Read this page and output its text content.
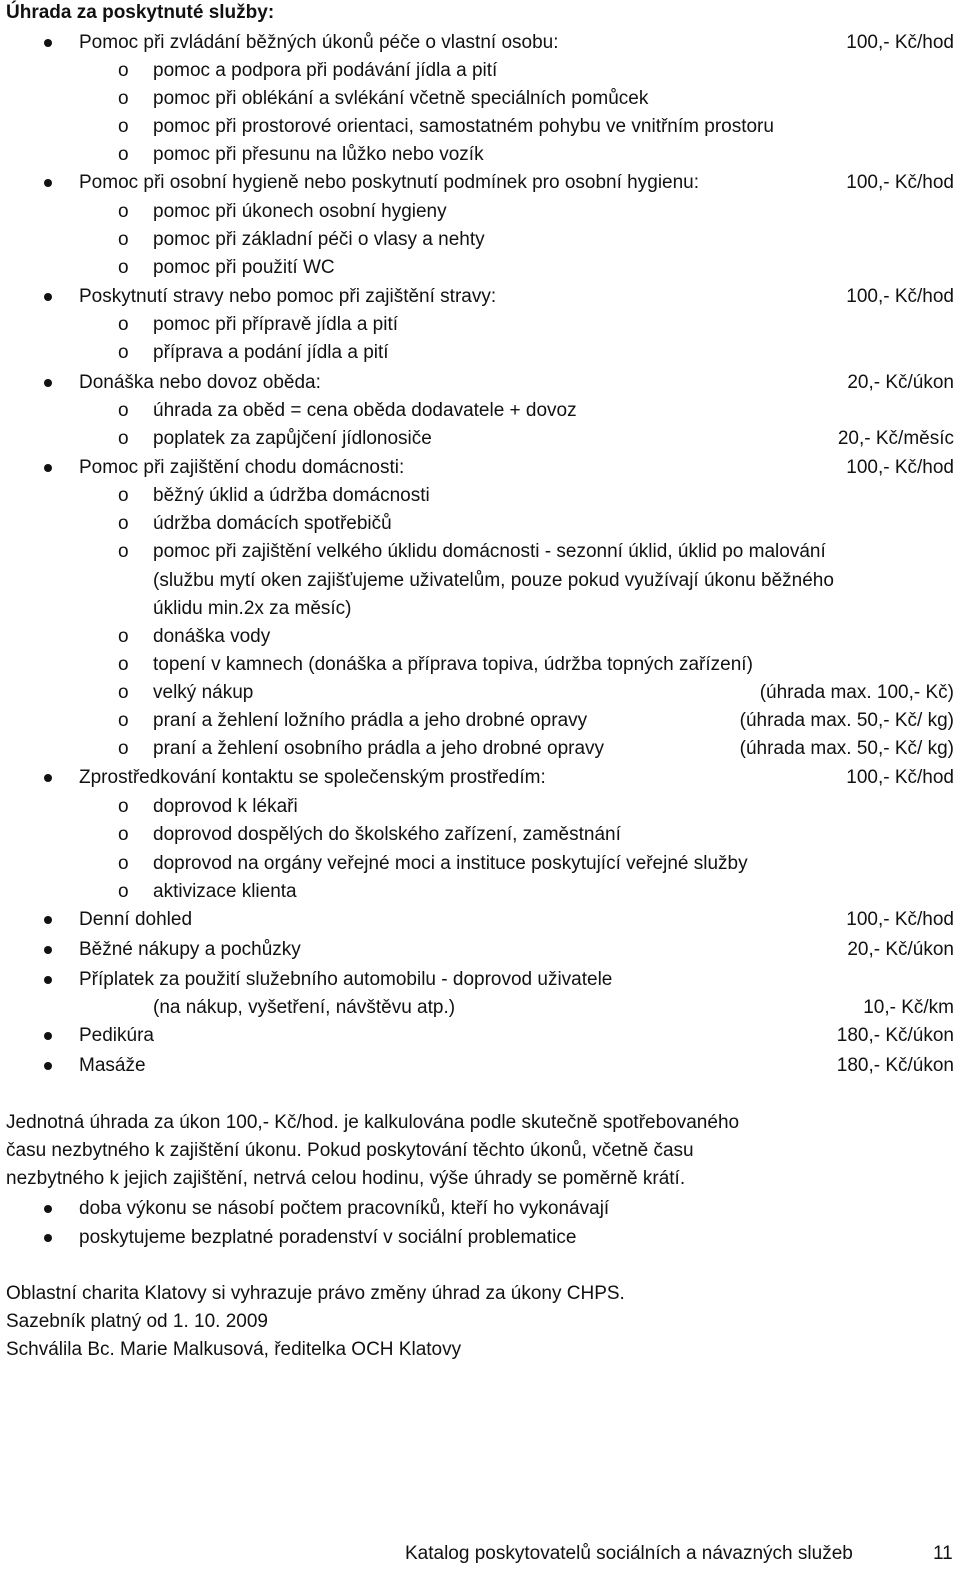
Úhrada za poskytnuté služby:
Pomoc při zvládání běžných úkonů péče o vlastní osobu:	100,- Kč/hod
o pomoc a podpora při podávání jídla a pití
o pomoc při oblékání a svlékání včetně speciálních pomůcek
o pomoc při prostorové orientaci, samostatném pohybu ve vnitřním prostoru
o pomoc při přesunu na lůžko nebo vozík
Pomoc při osobní hygieně nebo poskytnutí podmínek pro osobní hygienu:	100,- Kč/hod
o pomoc při úkonech osobní hygieny
o pomoc při základní péči o vlasy a nehty
o pomoc při použití WC
Poskytnutí stravy nebo pomoc při zajištění stravy:	100,- Kč/hod
o pomoc při přípravě jídla a pití
o příprava a podání jídla a pití
Donáška nebo dovoz oběda:	20,- Kč/úkon
o úhrada za oběd = cena oběda dodavatele + dovoz
o poplatek za zapůjčení jídlonosiče	20,- Kč/měsíc
Pomoc při zajištění chodu domácnosti:	100,- Kč/hod
o běžný úklid a údržba domácnosti
o údržba domácích spotřebičů
o pomoc při zajištění velkého úklidu domácnosti - sezonní úklid, úklid po malování
(službu mytí oken zajišťujeme uživatelům, pouze pokud využívají úkonu běžného
úklidu min.2x za měsíc)
o donáška vody
o topení v kamnech (donáška a příprava topiva, údržba topných zařízení)
o velký nákup	(úhrada max. 100,- Kč)
o praní a žehlení ložního prádla a jeho drobné opravy	(úhrada max. 50,- Kč/ kg)
o praní a žehlení osobního prádla a jeho drobné opravy	(úhrada max. 50,- Kč/ kg)
Zprostředkování kontaktu se společenským prostředím:	100,- Kč/hod
o doprovod k lékaři
o doprovod dospělých do školského zařízení, zaměstnání
o doprovod na orgány veřejné moci a instituce poskytující veřejné služby
o aktivizace klienta
Denní dohled	100,- Kč/hod
Běžné nákupy a pochůzky	20,- Kč/úkon
Příplatek za použití služebního automobilu - doprovod uživatele
(na nákup, vyšetření, návštěvu atp.)	10,- Kč/km
Pedikúra	180,- Kč/úkon
Masáže	180,- Kč/úkon
Jednotná úhrada za úkon 100,- Kč/hod. je kalkulována podle skutečně spotřebovaného
času nezbytného k zajištění úkonu. Pokud poskytování těchto úkonů, včetně času
nezbytného k jejich zajištění, netrvá celou hodinu, výše úhrady se poměrně krátí.
doba výkonu se násobí počtem pracovníků, kteří ho vykonávají
poskytujeme bezplatné poradenství v sociální problematice
Oblastní charita Klatovy si vyhrazuje právo změny úhrad za úkony CHPS.
Sazebník platný od 1. 10. 2009
Schválila Bc. Marie Malkusová, ředitelka OCH Klatovy
Katalog poskytovatelů sociálních a návazných služeb	11
